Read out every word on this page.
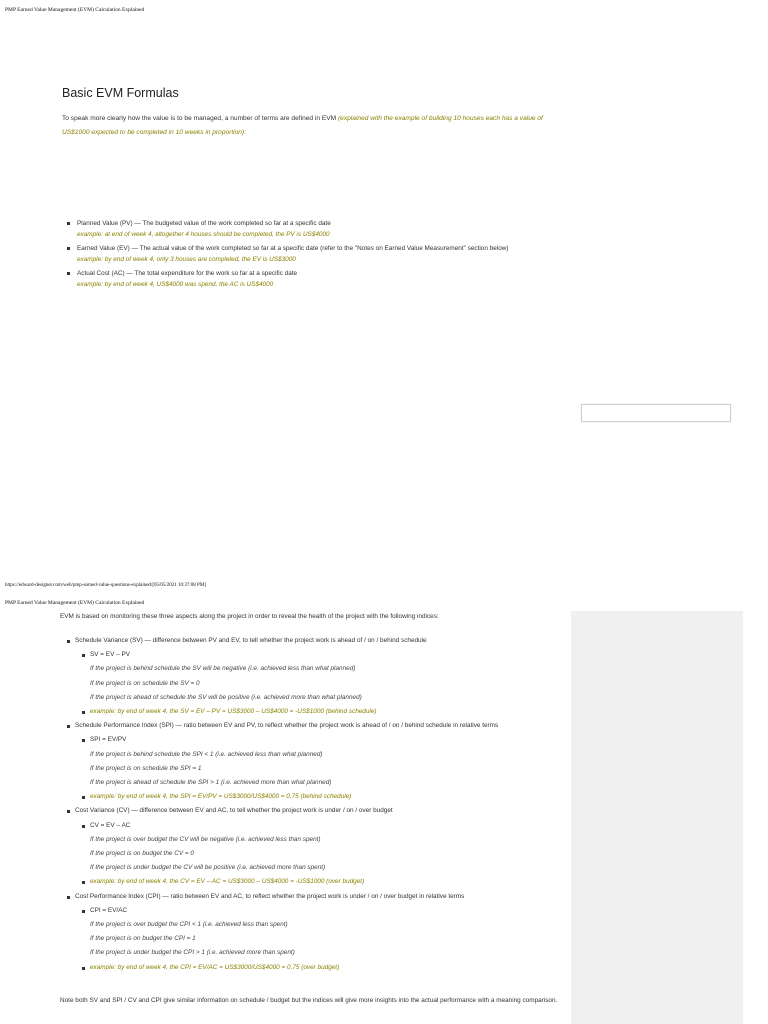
PMP Earned Value Management (EVM) Calculation Explained
Basic EVM Formulas

To speak more clearly how the value is to be managed, a number of terms are defined in EVM (explained with the example of building 10 houses each has a value of US$1000 expected to be completed in 10 weeks in proportion):

Planned Value (PV) — The budgeted value of the work completed so far at a specific date
example: at end of week 4, altogether 4 houses should be completed, the PV is US$4000
Earned Value (EV) — The actual value of the work completed so far at a specific date (refer to the "Notes on Earned Value Measurement" section below)
example: by end of week 4, only 3 houses are completed, the EV is US$3000
Actual Cost (AC) — The total expenditure for the work so far at a specific date
example: by end of week 4, US$4000 was spend, the AC is US$4000
https://edward-designer.com/web/pmp-earned-value-questions-explained/[05/05/2021 10:37:08 PM]
PMP Earned Value Management (EVM) Calculation Explained

EVM is based on monitoring these three aspects along the project in order to reveal the health of the project with the following indices:

Schedule Variance (SV) — difference between PV and EV, to tell whether the project work is ahead of / on / behind schedule
SV = EV – PV
If the project is behind schedule the SV will be negative (i.e. achieved less than what planned)
If the project is on schedule the SV = 0
If the project is ahead of schedule the SV will be positive (i.e. achieved more than what planned)
example: by end of week 4, the SV = EV – PV = US$3000 – US$4000 = -US$1000 (behind schedule)
Schedule Performance Index (SPI) — ratio between EV and PV, to reflect whether the project work is ahead of / on / behind schedule in relative terms
SPI = EV/PV
If the project is behind schedule the SPI < 1 (i.e. achieved less than what planned)
If the project is on schedule the SPI = 1
If the project is ahead of schedule the SPI > 1 (i.e. achieved more than what planned)
example: by end of week 4, the SPI = EV/PV = US$3000/US$4000 = 0.75 (behind schedule)
Cost Variance (CV) — difference between EV and AC, to tell whether the project work is under / on / over budget
CV = EV – AC
If the project is over budget the CV will be negative (i.e. achieved less than spent)
If the project is on budget the CV = 0
If the project is under budget the CV will be positive (i.e. achieved more than spent)
example: by end of week 4, the CV = EV – AC = US$3000 – US$4000 = -US$1000 (over budget)
Cost Performance Index (CPI) — ratio between EV and AC, to reflect whether the project work is under / on / over budget in relative terms
CPI = EV/AC
If the project is over budget the CPI < 1 (i.e. achieved less than spent)
If the project is on budget the CPI = 1
If the project is under budget the CPI > 1 (i.e. achieved more than spent)
example: by end of week 4, the CPI = EV/AC = US$3000/US$4000 = 0.75 (over budget)

Note both SV and SPI / CV and CPI give similar information on schedule / budget but the indices will give more insights into the actual performance with a meaning comparison.
